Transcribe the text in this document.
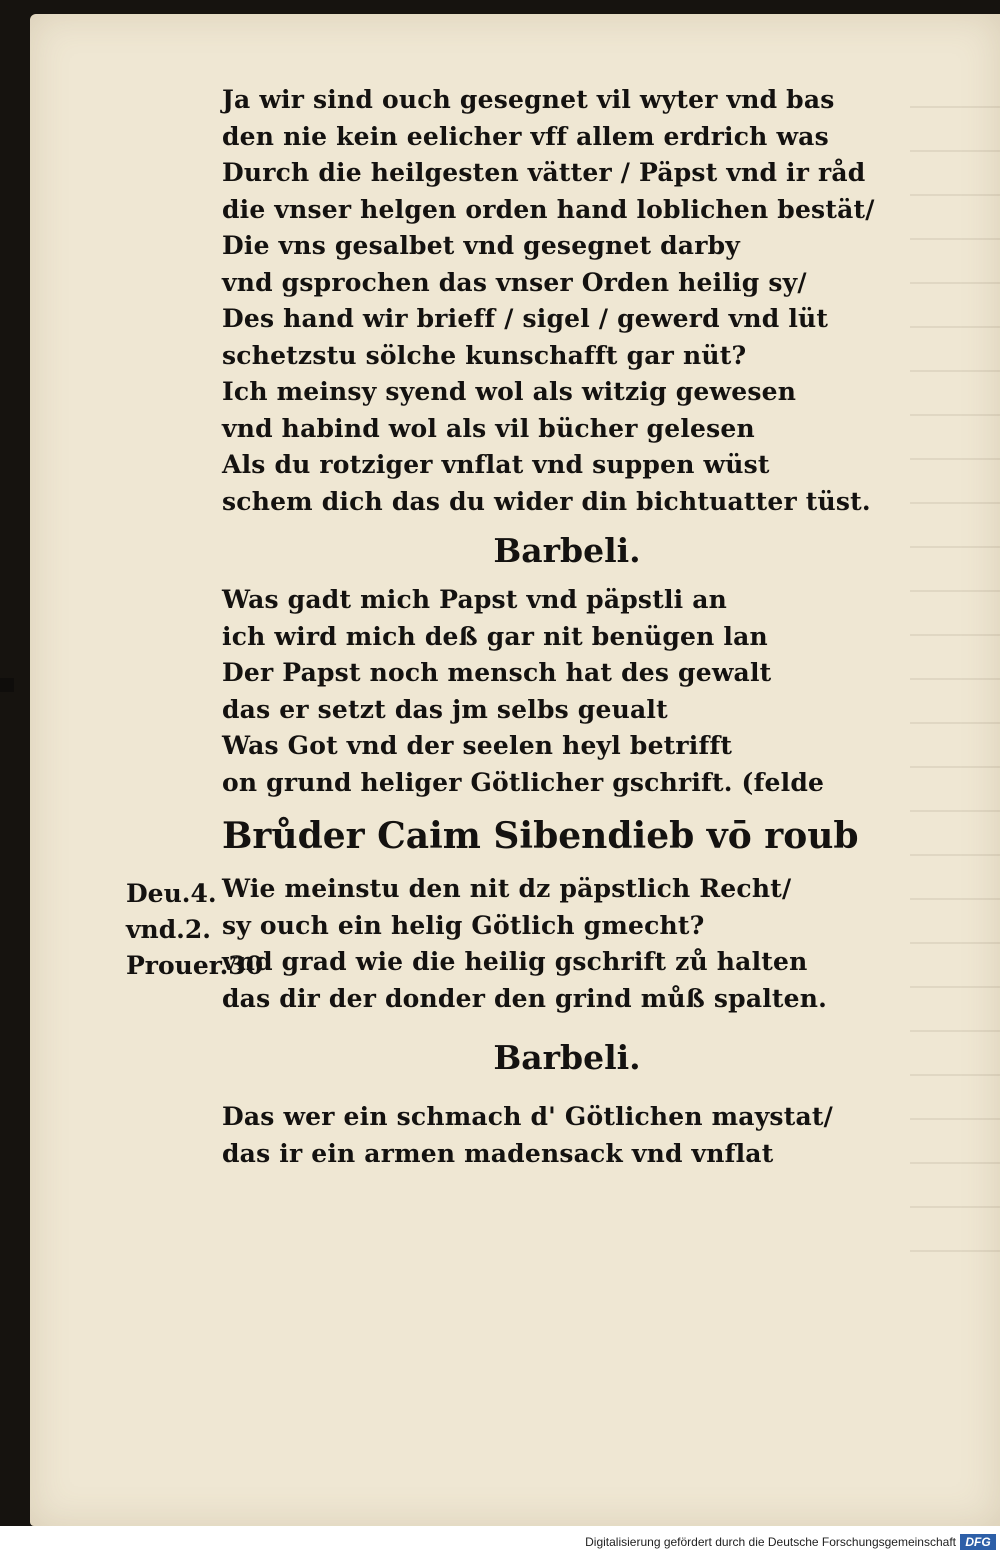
Deu.4.
vnd.2.
Prouer.30
Ja wir sind ouch gesegnet vil wyter vnd bas
den nie kein eelicher vff allem erdrich was
Durch die heilgesten vätter / Päpst vnd ir råd
die vnser helgen orden hand loblichen bestät/
Die vns gesalbet vnd gesegnet darby
vnd gsprochen das vnser Orden heilig sy/
Des hand wir brieff / sigel / gewerd vnd lüt
schetzstu sölche kunschafft gar nüt?
Ich meinsy syend wol als witzig gewesen
vnd habind wol als vil bücher gelesen
Als du rotziger vnflat vnd suppen wüst
schem dich das du wider din bichtuatter tüst.
Barbeli.
Was gadt mich Papst vnd päpstli an
ich wird mich deß gar nit benügen lan
Der Papst noch mensch hat des gewalt
das er setzt das jm selbs geualt
Was Got vnd der seelen heyl betrifft
on grund heliger Götlicher gschrift. (felde
Brůder Caim Sibendieb vō roub
Wie meinstu den nit dz päpstlich Recht/
sy ouch ein helig Götlich gmecht?
vnd grad wie die heilig gschrift zů halten
das dir der donder den grind můß spalten.
Barbeli.
Das wer ein schmach d' Götlichen maystat/
das ir ein armen madensack vnd vnflat
Digitalisierung gefördert durch die Deutsche Forschungsgemeinschaft DFG
